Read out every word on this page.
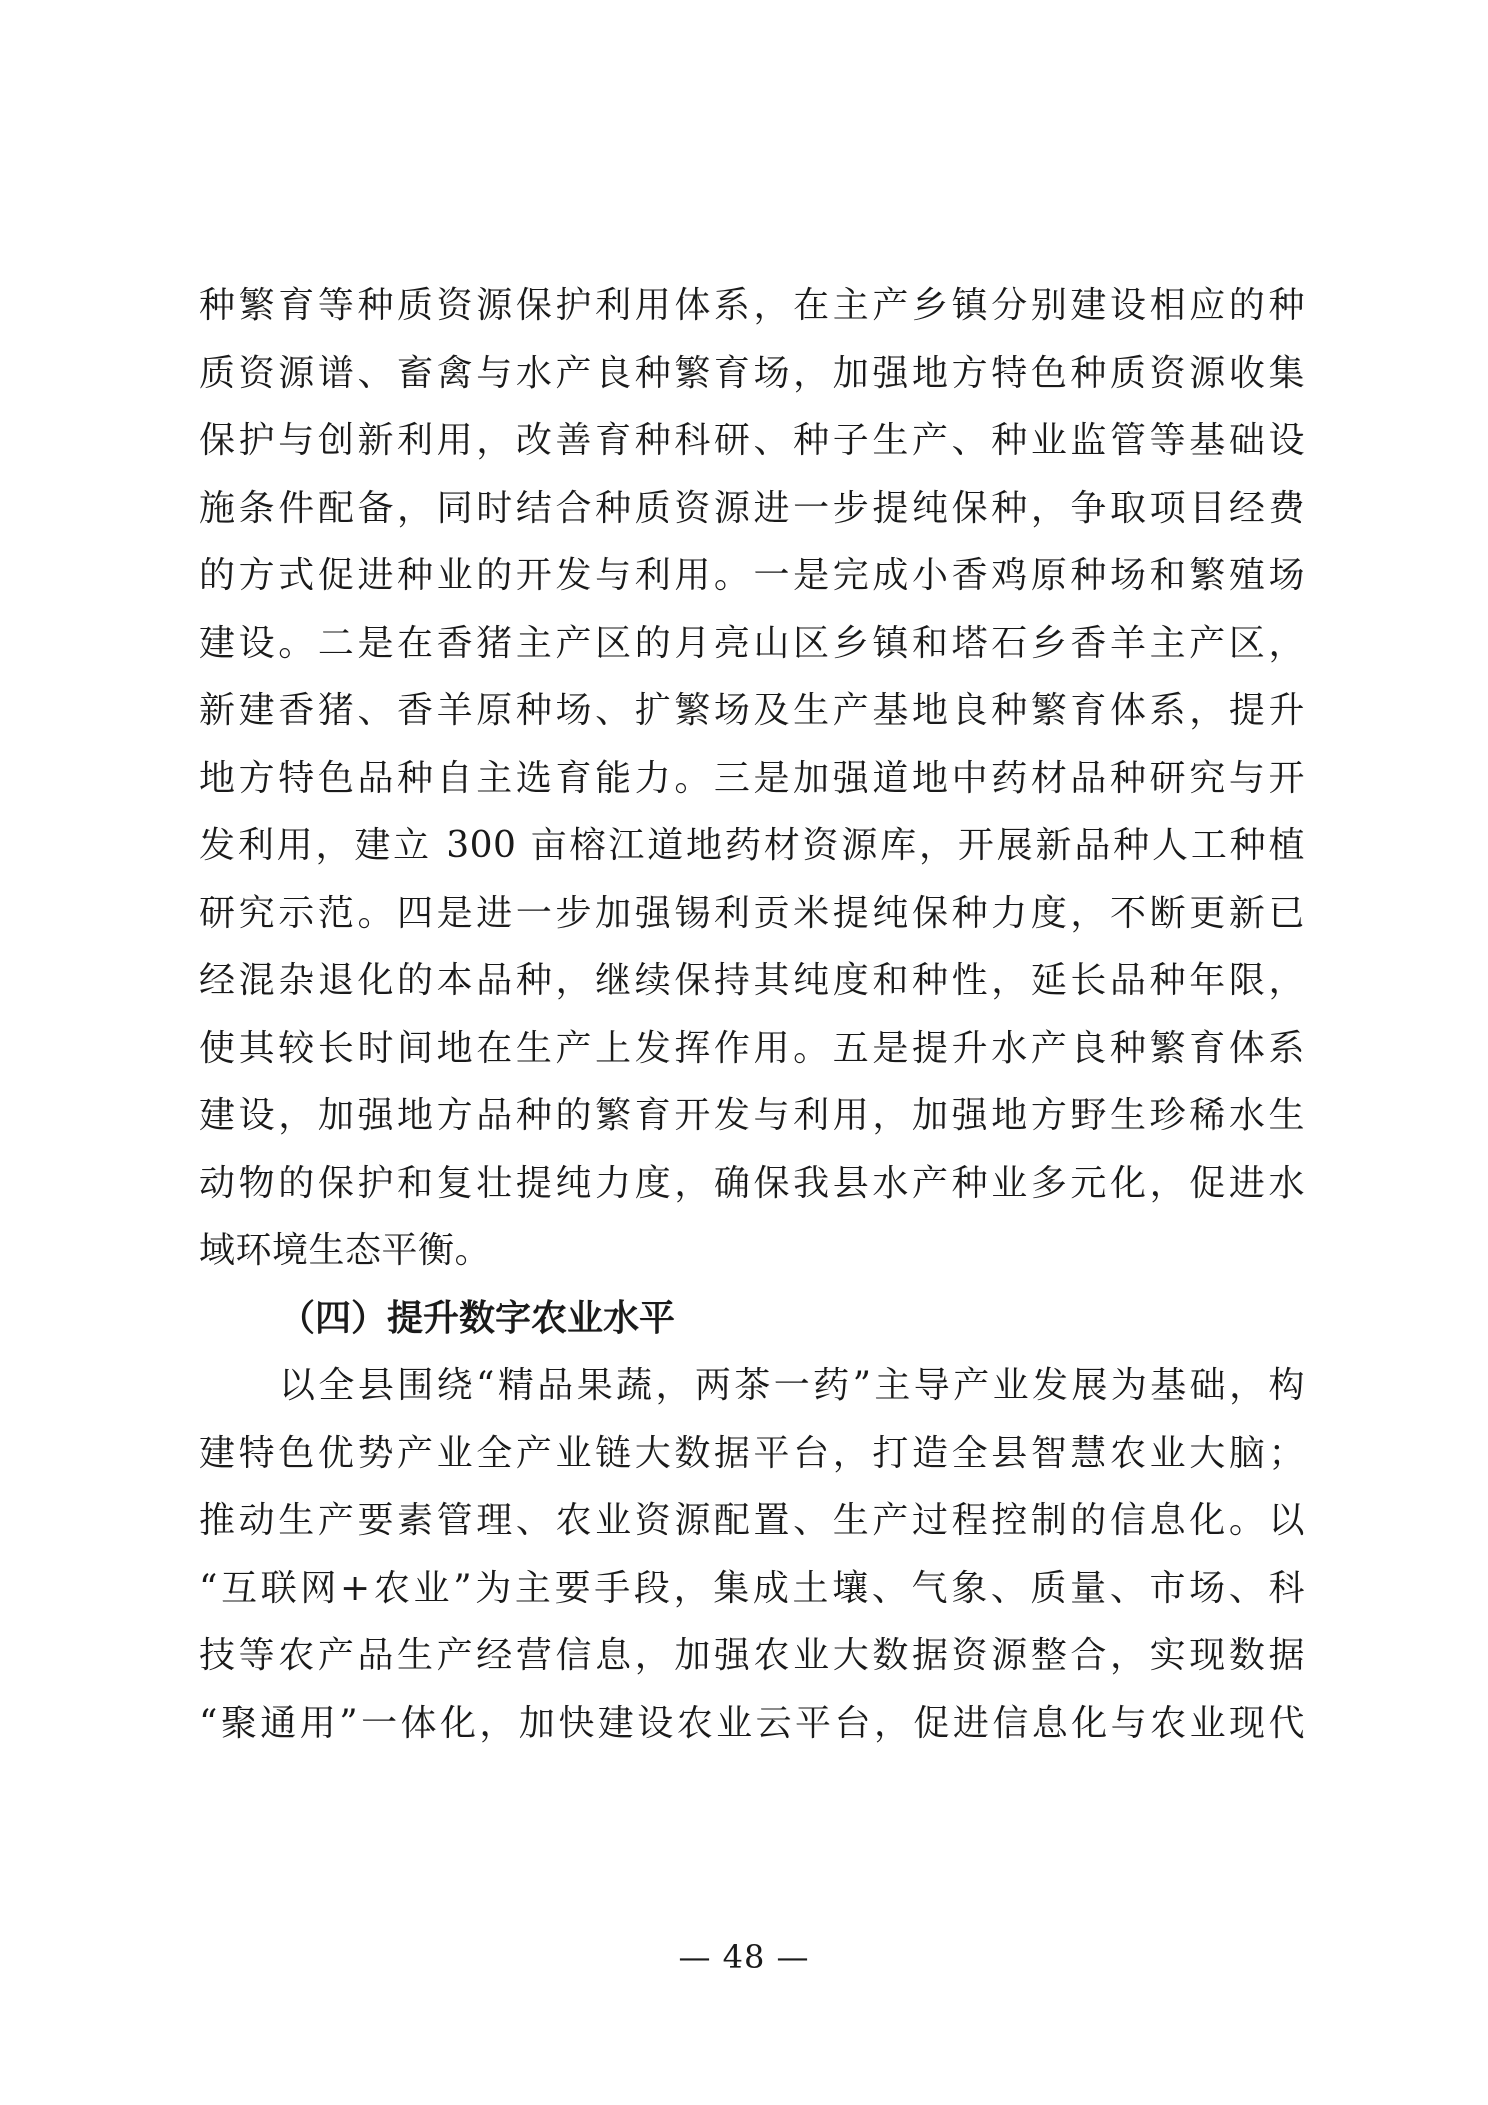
种繁育等种质资源保护利用体系，在主产乡镇分别建设相应的种
质资源谱、畜禽与水产良种繁育场，加强地方特色种质资源收集
保护与创新利用，改善育种科研、种子生产、种业监管等基础设
施条件配备，同时结合种质资源进一步提纯保种，争取项目经费
的方式促进种业的开发与利用。一是完成小香鸡原种场和繁殖场
建设。二是在香猪主产区的月亮山区乡镇和塔石乡香羊主产区，
新建香猪、香羊原种场、扩繁场及生产基地良种繁育体系，提升
地方特色品种自主选育能力。三是加强道地中药材品种研究与开
发利用，建立 300 亩榕江道地药材资源库，开展新品种人工种植
研究示范。四是进一步加强锡利贡米提纯保种力度，不断更新已
经混杂退化的本品种，继续保持其纯度和种性，延长品种年限，
使其较长时间地在生产上发挥作用。五是提升水产良种繁育体系
建设，加强地方品种的繁育开发与利用，加强地方野生珍稀水生
动物的保护和复壮提纯力度，确保我县水产种业多元化，促进水
域环境生态平衡。
（四）提升数字农业水平
以全县围绕“精品果蔬，两茶一药”主导产业发展为基础，构
建特色优势产业全产业链大数据平台，打造全县智慧农业大脑；
推动生产要素管理、农业资源配置、生产过程控制的信息化。以
“互联网+农业”为主要手段，集成土壤、气象、质量、市场、科
技等农产品生产经营信息，加强农业大数据资源整合，实现数据
“聚通用”一体化，加快建设农业云平台，促进信息化与农业现代
— 48 —
